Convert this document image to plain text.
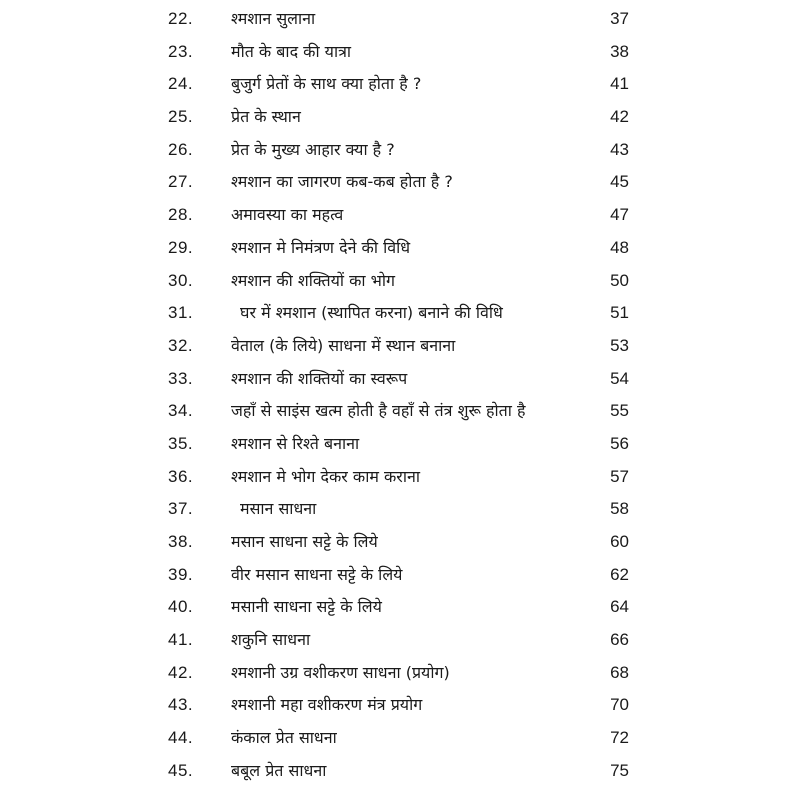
22. श्मशान सुलाना	37
23. मौत के बाद की यात्रा	38
24. बुजुर्ग प्रेतों के साथ क्या होता है ?	41
25. प्रेत के स्थान	42
26. प्रेत के मुख्य आहार क्या है ?	43
27. श्मशान का जागरण कब-कब होता है ?	45
28. अमावस्या का महत्व	47
29. श्मशान मे निमंत्रण देने की विधि	48
30. श्मशान की शक्तियों का भोग	50
31.	घर में श्मशान (स्थापित करना) बनाने की विधि	51
32. वेताल (के लिये) साधना में स्थान बनाना	53
33. श्मशान की शक्तियों का स्वरूप	54
34. जहाँ से साइंस खत्म होती है वहाँ से तंत्र शुरू होता है	55
35. श्मशान से रिश्ते बनाना	56
36. श्मशान मे भोग देकर काम कराना	57
37.	मसान साधना	58
38. मसान साधना सट्टे के लिये	60
39. वीर मसान साधना सट्टे के लिये	62
40. मसानी साधना सट्टे के लिये	64
41. शकुनि साधना	66
42. श्मशानी उग्र वशीकरण साधना (प्रयोग)	68
43. श्मशानी महा वशीकरण मंत्र प्रयोग	70
44. कंकाल प्रेत साधना	72
45. बबूल प्रेत साधना	75
